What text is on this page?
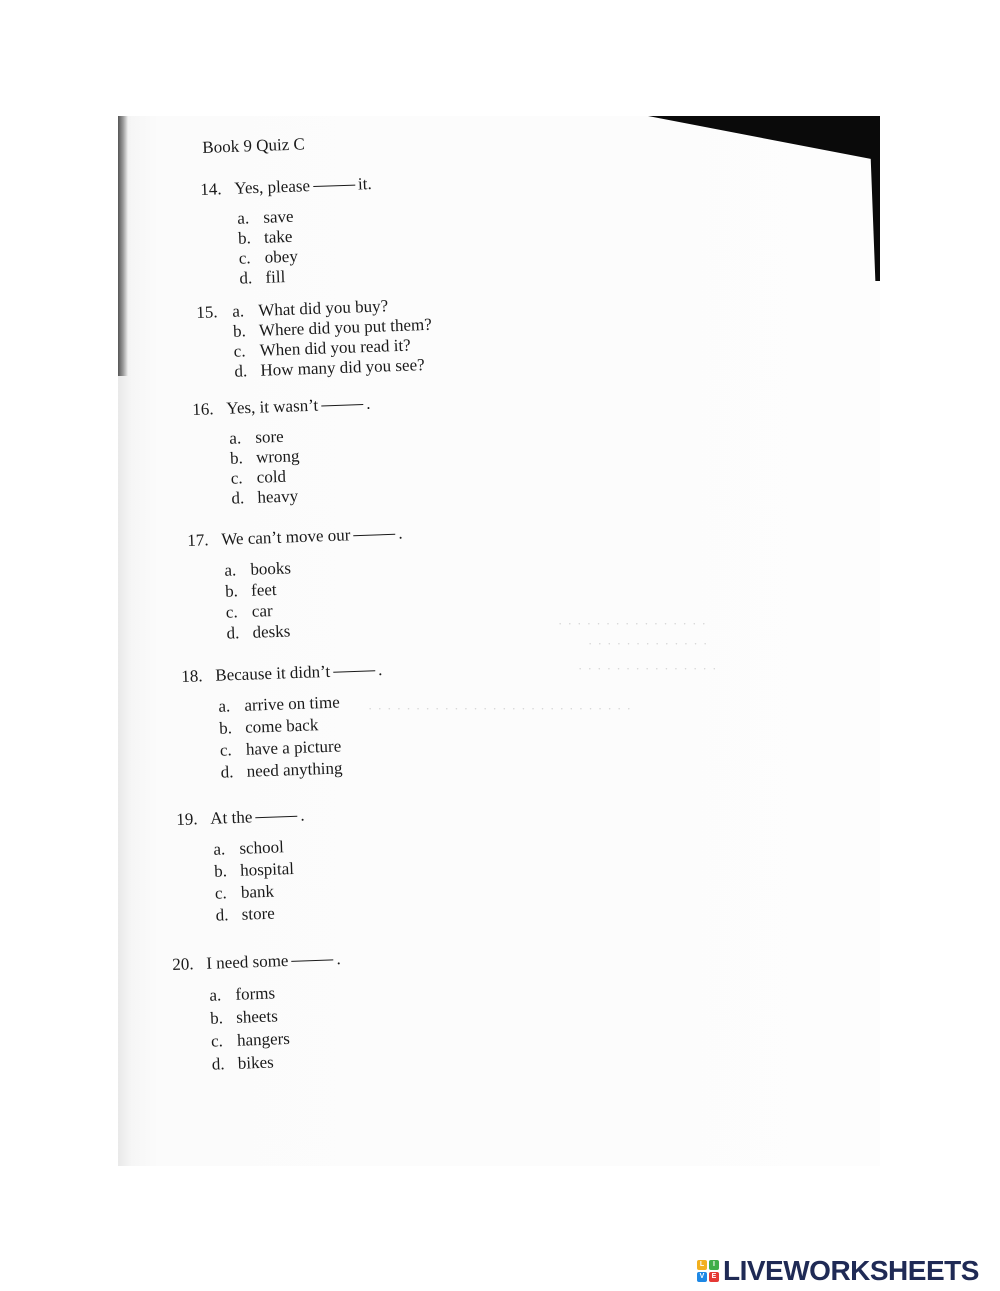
· · · · · · · · · · · · · · · ·
· · · · · · · · · · · · ·
· · · · · · · · · · · · · · ·
· · · · · · · · · · · · · · · · · · · · · · · · · · · ·
Book 9 Quiz C
14. Yes, please	it.
a. save
b. take
c. obey
d. fill
15. a. What did you buy?
b. Where did you put them?
c. When did you read it?
d. How many did you see?
16. Yes, it wasn’t	.
a. sore
b. wrong
c. cold
d. heavy
17. We can’t move our	.
a. books
b. feet
c. car
d. desks
18. Because it didn’t	.
a. arrive on time
b. come back
c. have a picture
d. need anything
19. At the	.
a. school
b. hospital
c. bank
d. store
20. I need some	.
a. forms
b. sheets
c. hangers
d. bikes
L	I
V	E LIVEWORKSHEETS
